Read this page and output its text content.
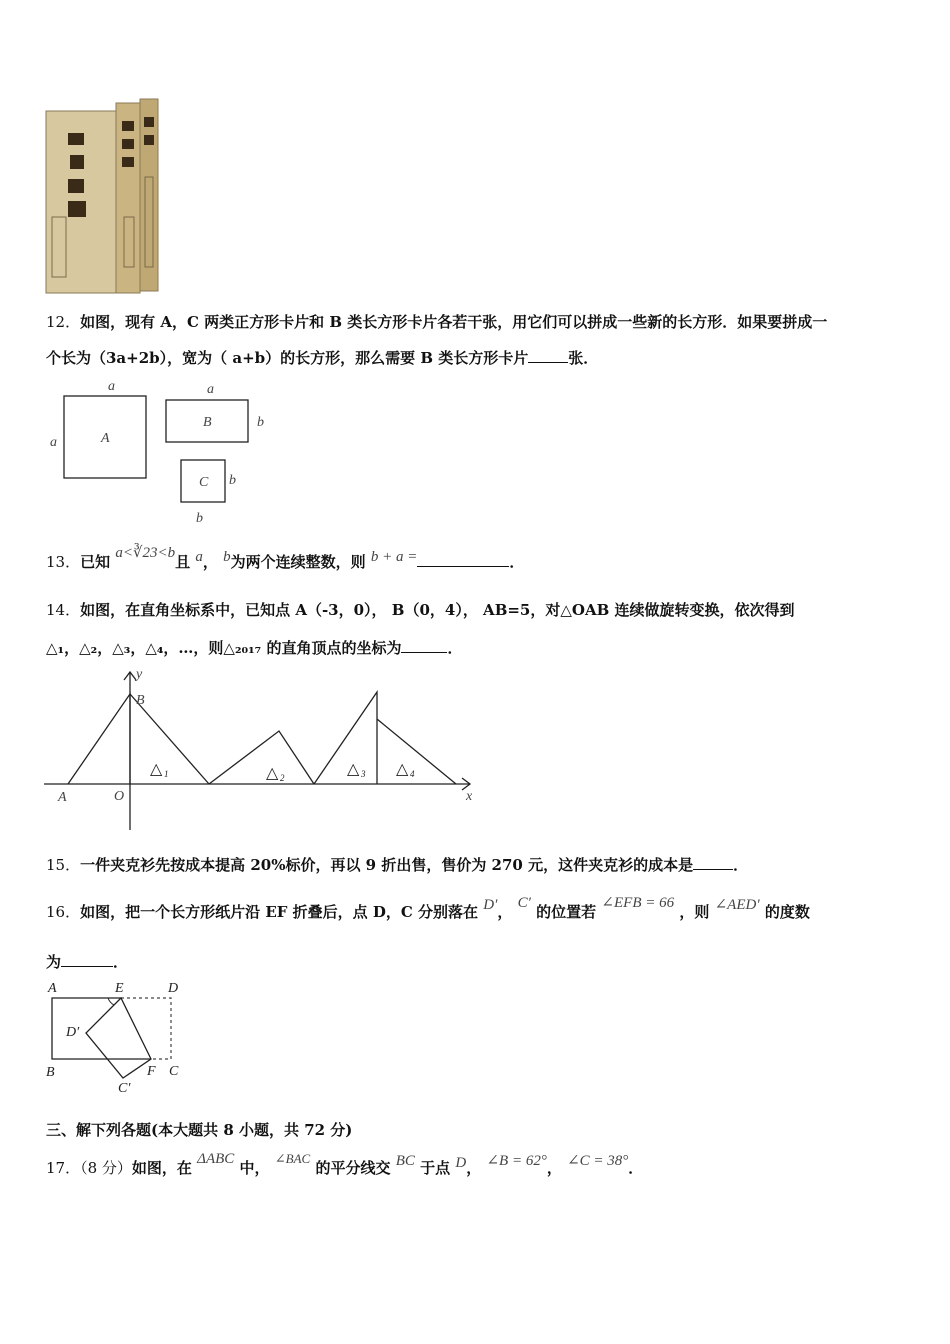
12．如图，现有 A，C 两类正方形卡片和 B 类长方形卡片各若干张，用它们可以拼成一些新的长方形．如果要拼成一
个长为（3a+2b），宽为（ a+b）的长方形，那么需要 B 类长方形卡片	张．
A
a
a
B
a
b
C b
b
13．已知 a<∛23<b且 a， b为两个连续整数，则 b + a =	．
14．如图，在直角坐标系中，已知点 A（-3，0）， B（0，4）， AB=5，对△OAB 连续做旋转变换，依次得到
△₁，△₂，△₃，△₄，…，则△₂₀₁₇ 的直角顶点的坐标为	．
y
x
B
A	O
△ 1	△ 2	△ 3 △ 4
15．一件夹克衫先按成本提高 20%标价，再以 9 折出售，售价为 270 元，这件夹克衫的成本是	．
16．如图，把一个长方形纸片沿 EF 折叠后，点 D，C 分别落在 D′， C′ 的位置若 ∠EFB = 66 ，则 ∠AED′ 的度数
为	．
A	E	D
D′
B	F C
C′
三、解下列各题(本大题共 8 小题，共 72 分)
17．（8 分）如图，在 ΔABC 中， ∠BAC 的平分线交 BC 于点 D， ∠B = 62°， ∠C = 38°．
